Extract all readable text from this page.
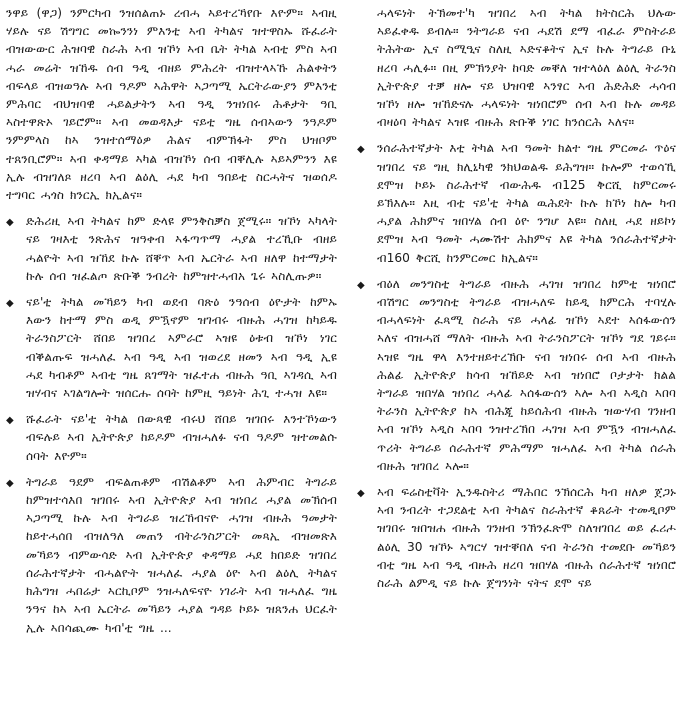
ንዋይ (ዋጋ) ንምርካብ ንዝሰልጠኑ ረብሓ ኣይተረኻየቡ እዮም። ኣብዚ ሃይሉ ናይ ሽግግር መኰንንነ ምእንቲ ኣብ ትካልና ዝተዋስኡ ሹፈራት ብዝውውር ሕዝባዊ ስራሕ ኣብ ዝኾነ ኣብ ቤት ትካል ኣብቲ ምስ ኣብ ሓራ መሬት ዝኸዱ ሰብ ዓዲ ብዘይ ምሕረት ብዝተላኣኹ ሕልቀትን ብፍላይ ብዝወዓሉ ኣብ ዓዶም ኣሕዋት ኣጋጣሚ ኤርትራውያን ምእንቲ ምሕባር ብህዝባዊ ሓይልታትን ኣብ ዓዲ ንዝነበሩ ሕቶታት ዓቢ ኣስተዋጽኦ ገይሮም። ኣብ መወዳእታ ናይቲ ግዜ ሰብኣውን ንዓዶም ንምምላስ ከኣ ንዝተሰማዕዎ ሕልና ብምኽፋት ምስ ህዝቦም ተጸንቢሮም። ኣብ ቀዳማይ ኣካል ብዝኾነ ሰብ ብቐሊሉ ኣይኣምንን እዩ ኢሉ ብዝገለጾ ዘረባ ኣብ ልዕሊ ሓደ ካብ ዓበይቲ ስርሓትና ዝወሰዶ ተግባር ሓጎስ ክንርኢ ክኢልና።

◆	ድሕሪዚ ኣብ ትካልና ከም ድላዩ ምንቅስቓስ ጀሚሩ። ዝኾነ ኣካላት ናይ ገዛእቲ ንጽሕና ዝዓቀብ ኣፋጣጥማ ሓያል ተረኺቡ ብዘይ ሓልዮት ኣብ ዝኸደ ኩሉ ሸቐጥ ኣብ ኤርትራ ኣብ ዘለዋ ከተማታት ኩሉ ሰብ ዝፈልጦ ጽቡቕ ንብረት ከምዝተሓብአ ጌሩ ኣስሊጡዎ።
◆	ናይ'ቲ ትካል መኻይን ካብ ወደብ ባጽዕ ንዓሰብ ዕዮታት ከምኡ እውን ከተማ ምስ ወዲ ምዃኖም ዝገብሩ ብዙሕ ሓገዝ ከካይዱ ትራንስፖርት ሸበይ ዝገበረ ኣምራሮ ኣዝዩ ዕቱብ ዝኾነ ነገር ብቕልጡፍ ዝሓለፈ ኣብ ዓዲ ኣብ ዝወረደ ዘመን ኣብ ዓዲ ኢዩ ሓደ ካብቶም ኣብቲ ግዜ ጸገማት ዝፈተሐ ብዙሕ ዓቢ ኣገዳሲ ኣብ ዝሃብና ኣገልግሎት ዝሰርሑ ሰባት ከምዚ ዓይነት ሕጊ ተሓዝ እዩ።
◆	ሹፈራት ናይ'ቲ ትካል በውጻዊ ብሩህ ሸበይ ዝገበሩ እንተኾነውን ብፍሉይ ኣብ ኢትዮጵያ ከይዶም ብዝሓለፉ ናብ ዓዶም ዝተመልሱ ሰባት እዮም።
◆	ትግራይ ዓደም ብፍልጠቶም ብሽልቶም ኣብ ሕምብር ትግራይ ከምዝተሳእበ ዝገበሩ ኣብ ኢትዮጵያ ኣብ ዝነበረ ሓያል መኽሰብ ኣጋጣሚ ኩሉ ኣብ ትግራይ ዝረኸብናዮ ሓገዝ ብዙሕ ዓመታት ከይተሓሰበ ብዝለዓለ መጠን ብትራንስፖርት መጻኢ ብዝመጽእ መኻይን ብምውሳድ ኣብ ኢትዮጵያ ቀዳማይ ሓደ ክበይድ ዝገበረ ሰራሕተኛታት ብሓልዮት ዝሓለፈ ሓያል ዕዮ ኣብ ልዕሊ ትካልና ክሕግዝ ሓበሬታ ኣርኪቦም ንዝሓለፍናዮ ነገራት ኣብ ዝሓለፈ ግዜ ንዓና ከኣ ኣብ ኤርትራ መኻይን ሓያል ግዳይ ኮይኑ ዝጸንሐ ህርፈት ኢሉ ኣበሳጪሙ ካብ'ቲ ግዜ ...

ሓላፍነት ትኽመተ'ካ ዝገበረ ኣብ ትካል ክትስርሕ ህሉው ኣይፈቀዱ ይብሉ። ንትግራይ ናብ ሓደሽ ደማ ብፈራ ምስትራይ ትሕትው ኢና ስሚዒና ስለዚ ኣድናቆትና ኢና ኩሉ ትግራይ ቡኒ ዘረባ ሓሊፉ። በዚ ምኽንያት ከባድ መቐለ ዝተላዕለ ልዕሊ ትራንስ ኢትዮጵያ ተቓ ዘሎ ናይ ህዝባዊ ኣንፃር ኣብ ሕድሕድ ሓሳብ ዝኾነ ዘሎ ዝኸድናሉ ሓላፍነት ዝነበሮም ሰብ ኣብ ኩሉ መዳይ ብዛዕባ ትካልና ኣዝዩ ብዙሕ ጽቡቕ ነገር ክንሰርሕ ኣለና።

◆	ንሰራሕተኛታት እቲ ትካል ኣብ ዓመት ክልተ ግዜ ምርመራ ጥዕና ዝገበረ ናይ ግዚ ክሊኒካዊ ንክህወልዱ ይሕግዝ። ኩሎም ተወሳኺ ደሞዝ ኮይኑ ስራሕተኛ ብውሕዱ ብ125 ቅርሺ ከምርመሩ ይኽእሉ። እዚ ብቲ ናይ'ቲ ትካል ዉሕደት ኩሉ ክኾነ ከሎ ካብ ሓያል ሕክምና ዝበሃል ሰብ ዕዮ ንግሆ እዩ። ስለዚ ሓደ ዘይኮነ ደሞዝ ኣብ ዓመት ሓሙሽተ ሕክምና እዩ ትካል ንሰራሕተኛታት ብ160 ቅርሺ ከንምርመር ክኢልና።
◆	ብዕለ መንግስቲ ትግራይ ብዙሕ ሓገዝ ዝገበረ ከምቲ ዝነበሮ ብሽግር መንግስቲ ትግራይ ብዝሓለፍ ከይዲ ክምርሕ ተባሂሉ ብሓላፍነት ፈጻሚ ስራሕ ናይ ሓላፊ ዝኾነ ኣደተ ኣሰፋውሰን ኣለና ብዝሓሸ ማለት ብዙሕ ኣብ ትራንስፖርት ዝኾነ ግደ ገይሩ። ኣዝዩ ግዜ ዋላ እንተዘይተረኽቡ ናብ ዝነበሩ ሰብ ኣብ ብዙሕ ሕልፊ ኢትዮጵያ ክሳብ ዝኸይድ ኣብ ዝነበሮ ቦታታት ክልል ትግራይ ዝበሃል ዝነበረ ሓላፊ ኣሰፋውሰን ኣሎ ኣብ ኣዲስ ኣበባ ትራንስ ኢትዮጵያ ከኣ ብሕጂ ከይሰሕብ ብዙሕ ዝውሃብ ገንዘብ ኣብ ዝኾነ ኣዲስ ኣበባ ንዝተረኽበ ሓገዝ ኣብ ምዃን ብዝሓለፈ ጥሪት ትግራይ ሰራሕተኛ ምሕማም ዝሓለፈ ኣብ ትካል ሰራሕ ብዙሕ ዝገበረ ኣሎ።
◆	ኣብ ፍሬስቲቫት ኢንዱስትሪ ማሕበር ንኽሰርሕ ካብ ዘለዎ ጀጋኑ ኣብ ንብረት ተጋደልቲ ኣብ ትካልና ስራሕተኛ ቆጸራት ተመዲቦም ዝገበሩ ዝበዝሐ ብዙሕ ገንዘብ ንኽንፈጽሞ ስለዝገበረ ወይ ፈሪሖ ልዕሊ 30 ዝኾኑ ኣግርሃ ዝተቐበለ ናብ ትራንስ ተመደቡ መኻይን ብቲ ግዜ ኣብ ዓዲ ብዙሕ ዘረባ ዝበሃል ብዙሕ ሰራሕተኛ ዝነበሮ ስራሕ ልምዲ ናይ ኩሉ ጀግንነት ናትና ደሞ ናይ
